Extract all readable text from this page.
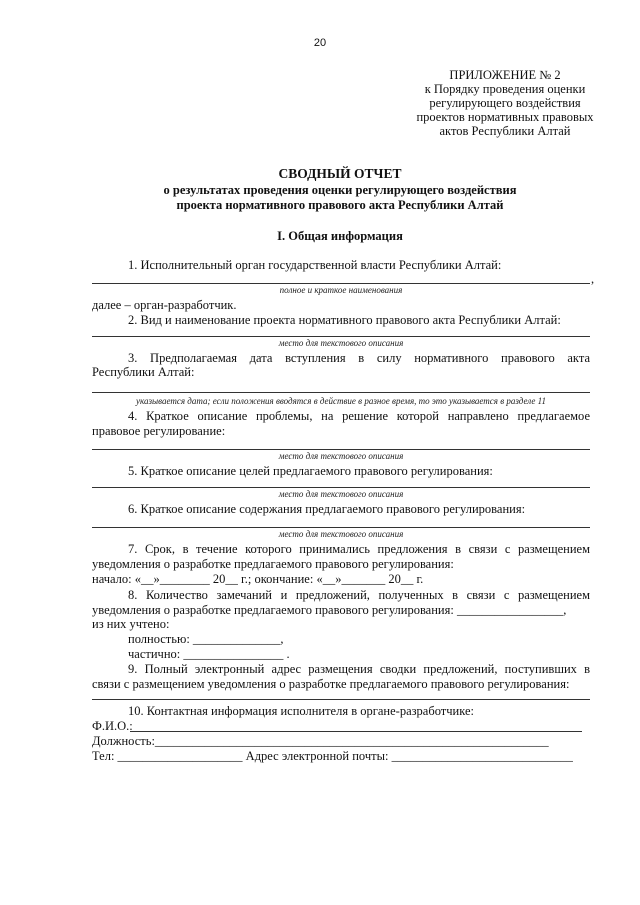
20
ПРИЛОЖЕНИЕ № 2
к Порядку проведения оценки
регулирующего воздействия
проектов нормативных правовых
актов Республики Алтай
СВОДНЫЙ ОТЧЕТ
о результатах проведения оценки регулирующего воздействия
проекта нормативного правового акта Республики Алтай
I. Общая информация
1. Исполнительный орган государственной власти Республики Алтай:
,
полное и краткое наименования
далее – орган-разработчик.
2. Вид и наименование проекта нормативного правового акта Республики Алтай:
место для текстового описания
3. Предполагаемая дата вступления в силу нормативного правового акта
Республики Алтай:
указывается дата; если положения вводятся в действие в разное время, то это указывается в разделе 11
4. Краткое описание проблемы, на решение которой направлено предлагаемое
правовое регулирование:
место для текстового описания
5. Краткое описание целей предлагаемого правового регулирования:
место для текстового описания
6. Краткое описание содержания предлагаемого правового регулирования:
место для текстового описания
7. Срок, в течение которого принимались предложения в связи с размещением
уведомления о разработке предлагаемого правового регулирования:
начало: «__»________ 20__ г.; окончание: «__»_______ 20__ г.
8. Количество замечаний и предложений, полученных в связи с размещением
уведомления о разработке предлагаемого правового регулирования: _________________,
из них учтено:
полностью: ______________,
частично: ________________ .
9. Полный электронный адрес размещения сводки предложений, поступивших в
связи с размещением уведомления о разработке предлагаемого правового регулирования:
10. Контактная информация исполнителя в органе-разработчике:
Ф.И.О.:
Должность:_______________________________________________________________
Тел: ____________________ Адрес электронной почты: _____________________________
